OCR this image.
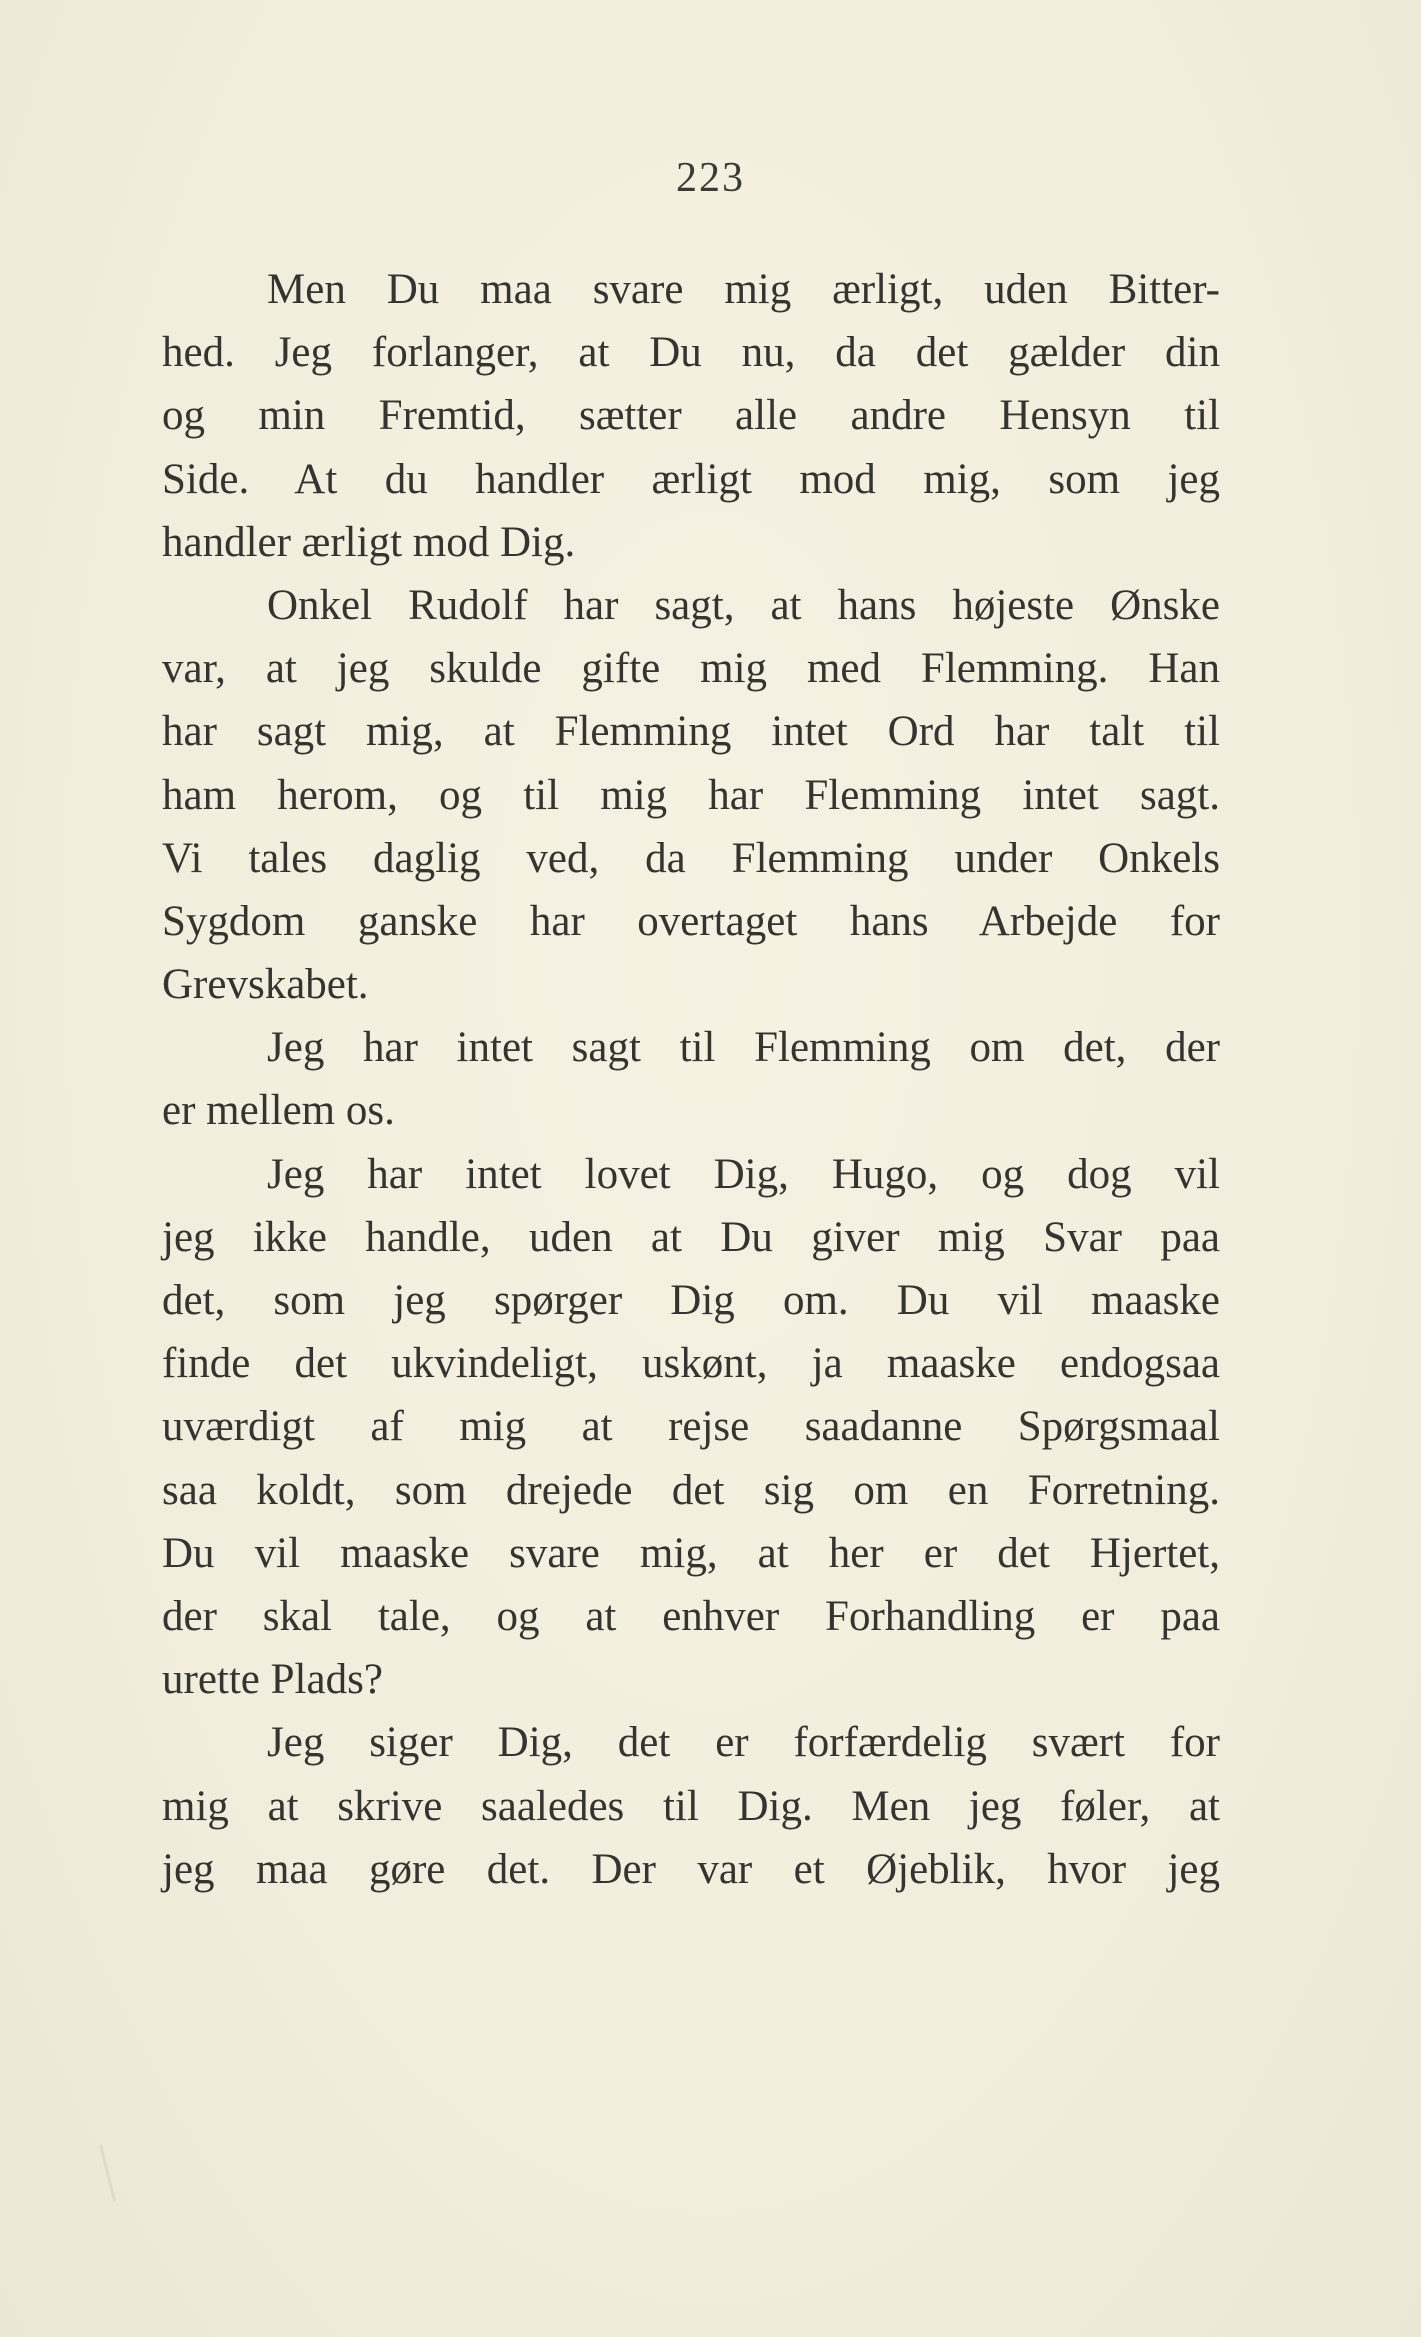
223
Men Du maa svare mig ærligt, uden Bitter-
hed. Jeg forlanger, at Du nu, da det gælder din
og min Fremtid, sætter alle andre Hensyn til
Side. At du handler ærligt mod mig, som jeg
handler ærligt mod Dig.
Onkel Rudolf har sagt, at hans højeste Ønske
var, at jeg skulde gifte mig med Flemming. Han
har sagt mig, at Flemming intet Ord har talt til
ham herom, og til mig har Flemming intet sagt.
Vi tales daglig ved, da Flemming under Onkels
Sygdom ganske har overtaget hans Arbejde for
Grevskabet.
Jeg har intet sagt til Flemming om det, der
er mellem os.
Jeg har intet lovet Dig, Hugo, og dog vil
jeg ikke handle, uden at Du giver mig Svar paa
det, som jeg spørger Dig om. Du vil maaske
finde det ukvindeligt, uskønt, ja maaske endogsaa
uværdigt af mig at rejse saadanne Spørgsmaal
saa koldt, som drejede det sig om en Forretning.
Du vil maaske svare mig, at her er det Hjertet,
der skal tale, og at enhver Forhandling er paa
urette Plads?
Jeg siger Dig, det er forfærdelig svært for
mig at skrive saaledes til Dig. Men jeg føler, at
jeg maa gøre det. Der var et Øjeblik, hvor jeg
